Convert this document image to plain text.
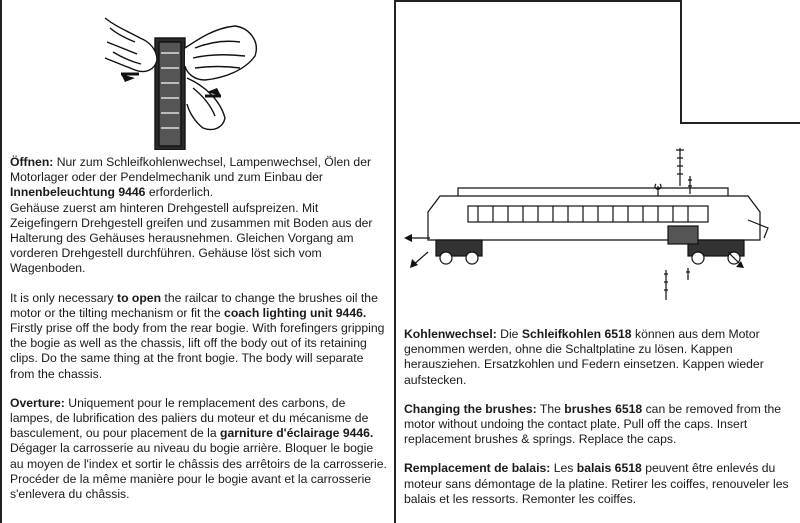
Öffnen: Nur zum Schleifkohlenwechsel, Lampenwechsel, Ölen der Motorlager oder der Pendelmechanik und zum Einbau der Innenbeleuchtung 9446 erforderlich.
Gehäuse zuerst am hinteren Drehgestell aufspreizen. Mit Zeigefingern Drehgestell greifen und zusammen mit Boden aus der Halterung des Gehäuses herausnehmen. Gleichen Vorgang am vorderen Drehgestell durchführen. Gehäuse löst sich vom Wagenboden.

It is only necessary to open the railcar to change the brushes oil the motor or the tilting mechanism or fit the coach lighting unit 9446.
Firstly prise off the body from the rear bogie. With forefingers gripping the bogie as well as the chassis, lift off the body out of its retaining clips. Do the same thing at the front bogie. The body will separate from the chassis.

Overture: Uniquement pour le remplacement des carbons, de lampes, de lubrification des paliers du moteur et du mécanisme de basculement, ou pour placement de la garniture d'éclairage 9446.
Dégager la carrosserie au niveau du bogie arrière. Bloquer le bogie au moyen de l'index et sortir le châssis des arrêtoirs de la carrosserie. Procéder de la même manière pour le bogie avant et la carrosserie s'enlevera du châssis.

Kohlenwechsel: Die Schleifkohlen 6518 können aus dem Motor genommen werden, ohne die Schaltplatine zu lösen. Kappen herausziehen. Ersatzkohlen und Federn einsetzen. Kappen wieder aufstecken.

Changing the brushes: The brushes 6518 can be removed from the motor without undoing the contact plate. Pull off the caps. Insert replacement brushes & springs. Replace the caps.

Remplacement de balais: Les balais 6518 peuvent être enlevés du moteur sans démontage de la platine. Retirer les coiffes, renouveler les balais et les ressorts. Remonter les coiffes.
